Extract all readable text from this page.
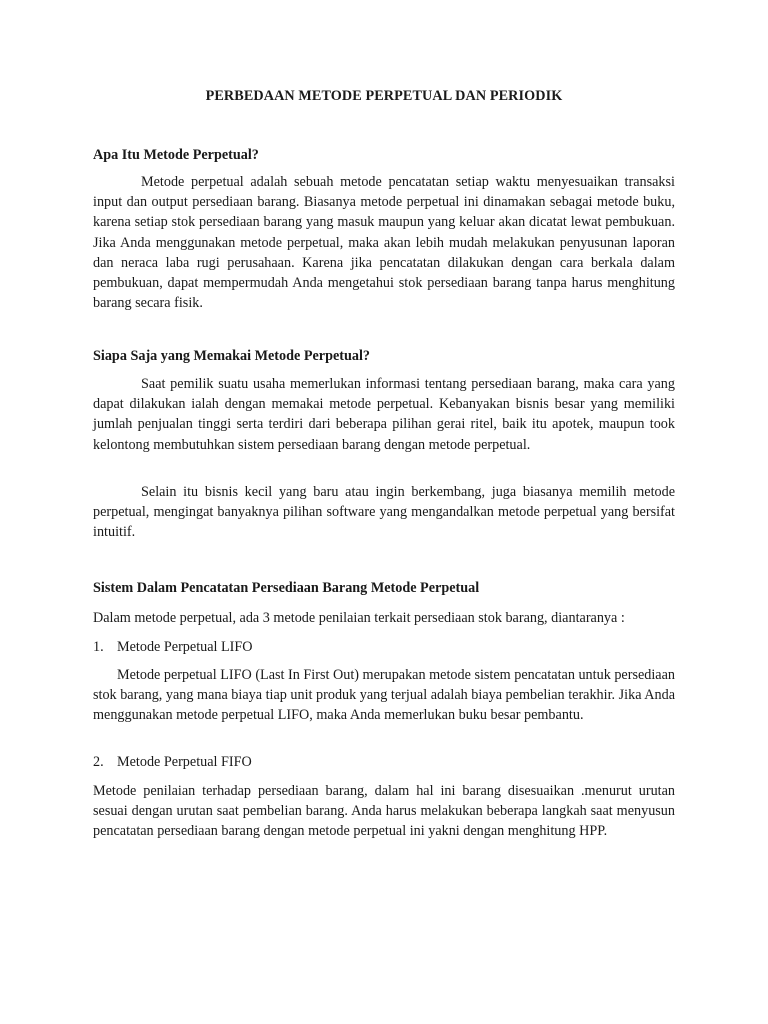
PERBEDAAN METODE PERPETUAL DAN PERIODIK
Apa Itu Metode Perpetual?

Metode perpetual adalah sebuah metode pencatatan setiap waktu menyesuaikan transaksi input dan output persediaan barang. Biasanya metode perpetual ini dinamakan sebagai metode buku, karena setiap stok persediaan barang yang masuk maupun yang keluar akan dicatat lewat pembukuan. Jika Anda menggunakan metode perpetual, maka akan lebih mudah melakukan penyusunan laporan dan neraca laba rugi perusahaan. Karena jika pencatatan dilakukan dengan cara berkala dalam pembukuan, dapat mempermudah Anda mengetahui stok persediaan barang tanpa harus menghitung barang secara fisik.

Siapa Saja yang Memakai Metode Perpetual?

Saat pemilik suatu usaha memerlukan informasi tentang persediaan barang, maka cara yang dapat dilakukan ialah dengan memakai metode perpetual. Kebanyakan bisnis besar yang memiliki jumlah penjualan tinggi serta terdiri dari beberapa pilihan gerai ritel, baik itu apotek, maupun took kelontong membutuhkan sistem persediaan barang dengan metode perpetual.

Selain itu bisnis kecil yang baru atau ingin berkembang, juga biasanya memilih metode perpetual, mengingat banyaknya pilihan software yang mengandalkan metode perpetual yang bersifat intuitif.

Sistem Dalam Pencatatan Persediaan Barang Metode Perpetual

Dalam metode perpetual, ada 3 metode penilaian terkait persediaan stok barang, diantaranya :

1. Metode Perpetual LIFO

Metode perpetual LIFO (Last In First Out) merupakan metode sistem pencatatan untuk persediaan stok barang, yang mana biaya tiap unit produk yang terjual adalah biaya pembelian terakhir. Jika Anda menggunakan metode perpetual LIFO, maka Anda memerlukan buku besar pembantu.

2. Metode Perpetual FIFO

Metode penilaian terhadap persediaan barang, dalam hal ini barang disesuaikan .menurut urutan sesuai dengan urutan saat pembelian barang. Anda harus melakukan beberapa langkah saat menyusun pencatatan persediaan barang dengan metode perpetual ini yakni dengan menghitung HPP.
